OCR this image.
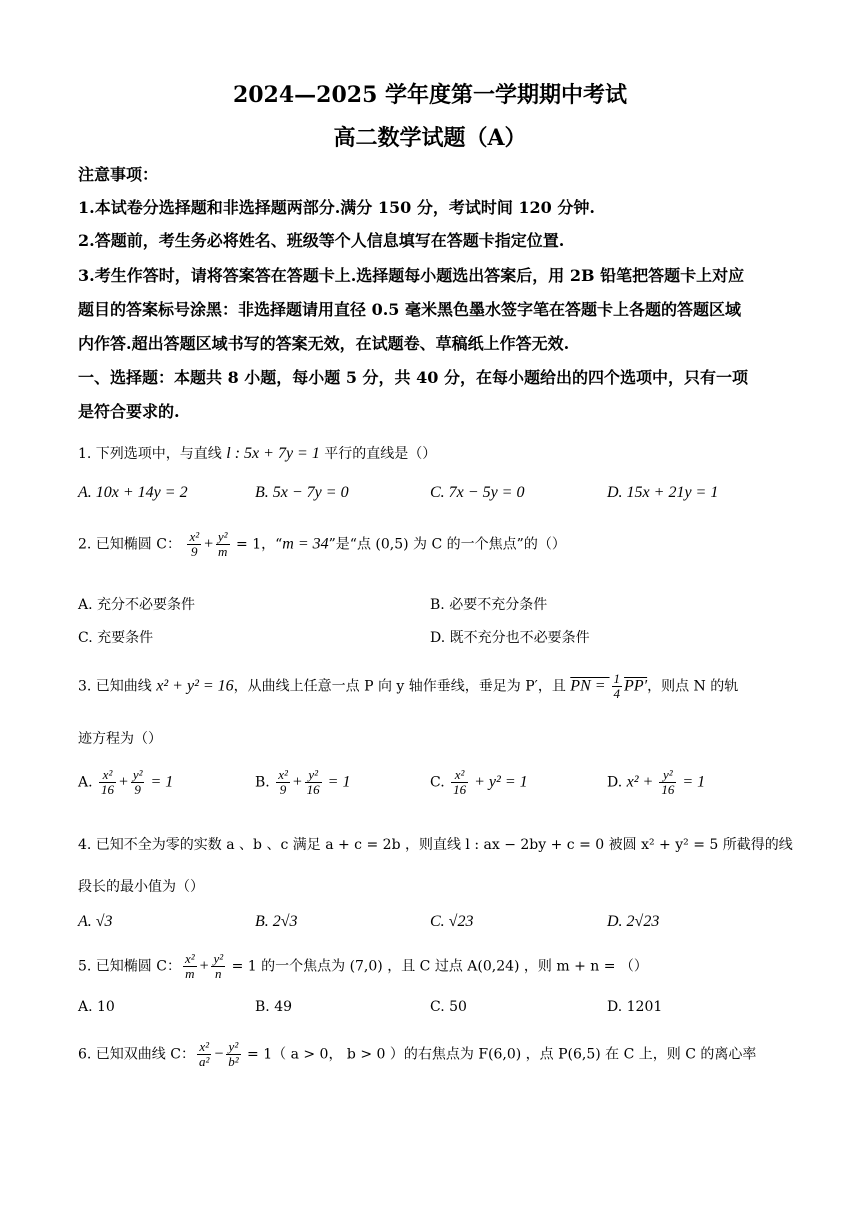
2024—2025 学年度第一学期期中考试
高二数学试题（A）
注意事项：
1.本试卷分选择题和非选择题两部分.满分 150 分，考试时间 120 分钟.
2.答题前，考生务必将姓名、班级等个人信息填写在答题卡指定位置.
3.考生作答时，请将答案答在答题卡上.选择题每小题选出答案后，用 2B 铅笔把答题卡上对应
题目的答案标号涂黑：非选择题请用直径 0.5 毫米黑色墨水签字笔在答题卡上各题的答题区域
内作答.超出答题区域书写的答案无效，在试题卷、草稿纸上作答无效.
一、选择题：本题共 8 小题，每小题 5 分，共 40 分，在每小题给出的四个选项中，只有一项
是符合要求的.
1. 下列选项中，与直线 l : 5x + 7y = 1 平行的直线是（）
A. 10x + 14y = 2	B. 5x − 7y = 0	C. 7x − 5y = 0	D. 15x + 21y = 1
2. 已知椭圆 C： $\frac{\text{x²}}{9} + \frac{\text{y²}}{m} = 1$，“m = 34”是“点 (0,5) 为 C 的一个焦点”的（）
A. 充分不必要条件	B. 必要不充分条件
C. 充要条件	D. 既不充分也不必要条件
3. 已知曲线 x² + y² = 16，从曲线上任意一点 P 向 y 轴作垂线，垂足为 P′，且 PN = $\frac{1}{4} PP'$，则点 N 的轨
迹方程为（）
A. $\frac{\text{x²}}{16} + \frac{\text{y²}}{9} = 1$	B. $\frac{\text{x²}}{9} + \frac{\text{y²}}{16} = 1$	C. $\frac{\text{x²}}{16} + y^2 = 1$	D. $x^2 + \frac{\text{y²}}{16} = 1$
4. 已知不全为零的实数 a 、b 、c 满足 a + c = 2b ，则直线 l : ax − 2by + c = 0 被圆 x² + y² = 5 所截得的线
段长的最小值为（）
A. √3	B. 2√3	C. √23	D. 2√23
5. 已知椭圆 C： $\frac{\text{x²}}{m} + \frac{\text{y²}}{n} = 1$ 的一个焦点为 (7,0) ，且 C 过点 A(0,24) ，则 m + n = （）
A. 10	B. 49	C. 50	D. 1201
6. 已知双曲线 C： $\frac{\text{x²}}{\text{a²}} - \frac{\text{y²}}{\text{b²}} = 1$（ a > 0， b > 0 ）的右焦点为 F(6,0) ，点 P(6,5) 在 C 上，则 C 的离心率
